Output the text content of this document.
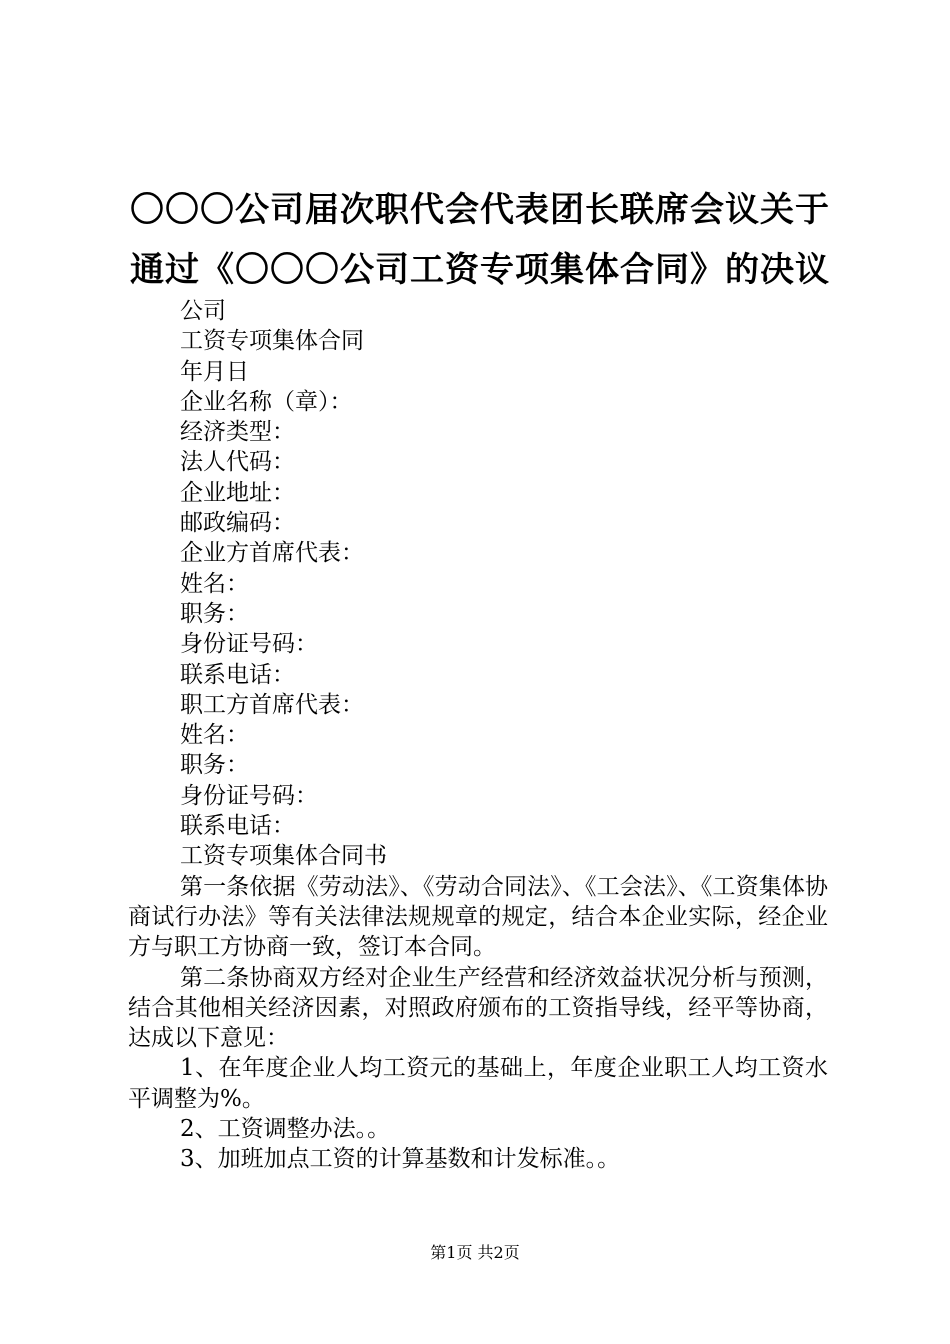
〇〇〇公司届次职代会代表团长联席会议关于
通过《〇〇〇公司工资专项集体合同》的决议
公司
工资专项集体合同
年月日
企业名称（章）：
经济类型：
法人代码：
企业地址：
邮政编码：
企业方首席代表：
姓名：
职务：
身份证号码：
联系电话：
职工方首席代表：
姓名：
职务：
身份证号码：
联系电话：
工资专项集体合同书
第一条依据《劳动法》、《劳动合同法》、《工会法》、《工资集体协商试行办法》等有关法律法规规章的规定，结合本企业实际，经企业方与职工方协商一致，签订本合同。
第二条协商双方经对企业生产经营和经济效益状况分析与预测，结合其他相关经济因素，对照政府颁布的工资指导线，经平等协商，达成以下意见：
1、在年度企业人均工资元的基础上，年度企业职工人均工资水平调整为%。
2、工资调整办法。。
3、加班加点工资的计算基数和计发标准。。
第1页 共2页
